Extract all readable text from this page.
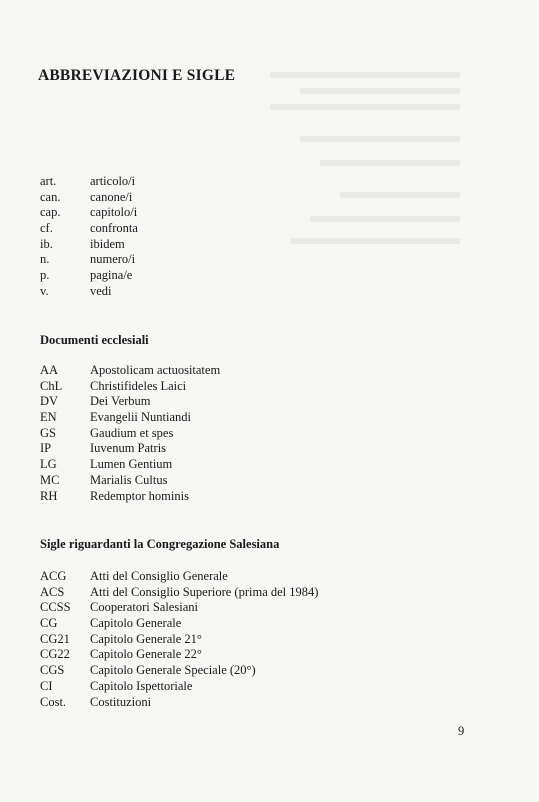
ABBREVIAZIONI E SIGLE
art.	articolo/i
can. canone/i
cap. capitolo/i
cf.	confronta
ib.	ibidem
n.	numero/i
p.	pagina/e
v.	vedi
Documenti ecclesiali
AA	Apostolicam actuositatem
ChL Christifideles Laici
DV	Dei Verbum
EN	Evangelii Nuntiandi
GS	Gaudium et spes
IP	Iuvenum Patris
LG	Lumen Gentium
MC Marialis Cultus
RH	Redemptor hominis
Sigle riguardanti la Congregazione Salesiana
ACG Atti del Consiglio Generale
ACS Atti del Consiglio Superiore (prima del 1984)
CCSS Cooperatori Salesiani
CG	Capitolo Generale
CG21 Capitolo Generale 21°
CG22 Capitolo Generale 22°
CGS Capitolo Generale Speciale (20°)
CI	Capitolo Ispettoriale
Cost. Costituzioni
9
